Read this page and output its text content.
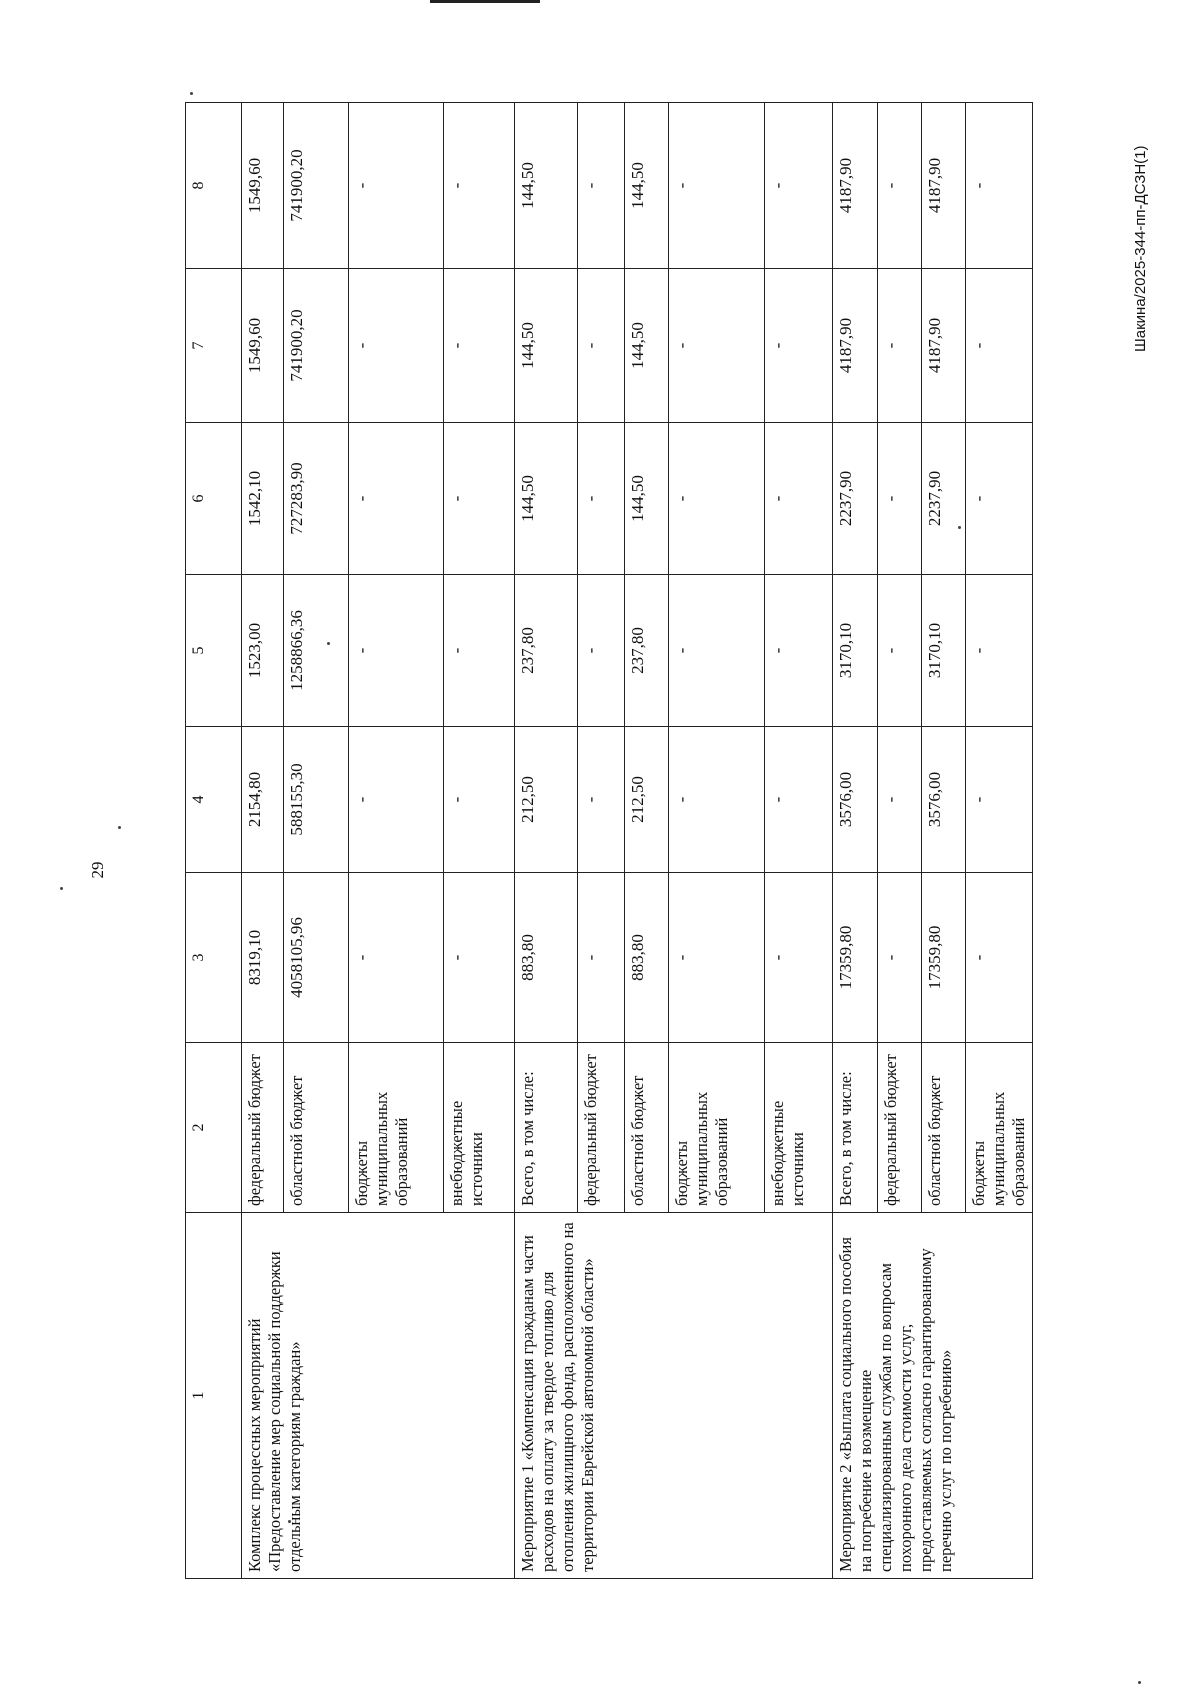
29
Шакина/2025-344-пп-ДСЗН(1)
1	2	3	4	5	6	7	8
Комплекс процессных мероприятий «Предоставление мер социальной поддержки отдельным категориям граждан»	федеральный бюджет	8319,10	2154,80	1523,00	1542,10	1549,60	1549,60
	областной бюджет	4058105,96	588155,30	1258866,36	727283,90	741900,20	741900,20
	бюджеты муниципальных образований	-	-	-	-	-	-
	внебюджетные источники	-	-	-	-	-	-
Мероприятие 1 «Компенсация гражданам части расходов на оплату за твердое топливо для отопления жилищного фонда, расположенного на территории Еврейской автономной области»	Всего, в том числе:	883,80	212,50	237,80	144,50	144,50	144,50
	федеральный бюджет	-	-	-	-	-	-
	областной бюджет	883,80	212,50	237,80	144,50	144,50	144,50
	бюджеты муниципальных образований	-	-	-	-	-	-
	внебюджетные источники	-	-	-	-	-	-
Мероприятие 2 «Выплата социального пособия на погребение и возмещение специализированным службам по вопросам похоронного дела стоимости услуг, предоставляемых согласно гарантированному перечню услуг по погребению»	Всего, в том числе:	17359,80	3576,00	3170,10	2237,90	4187,90	4187,90
	федеральный бюджет	-	-	-	-	-	-
	областной бюджет	17359,80	3576,00	3170,10	2237,90	4187,90	4187,90
	бюджеты муниципальных образований	-	-	-	-	-	-
